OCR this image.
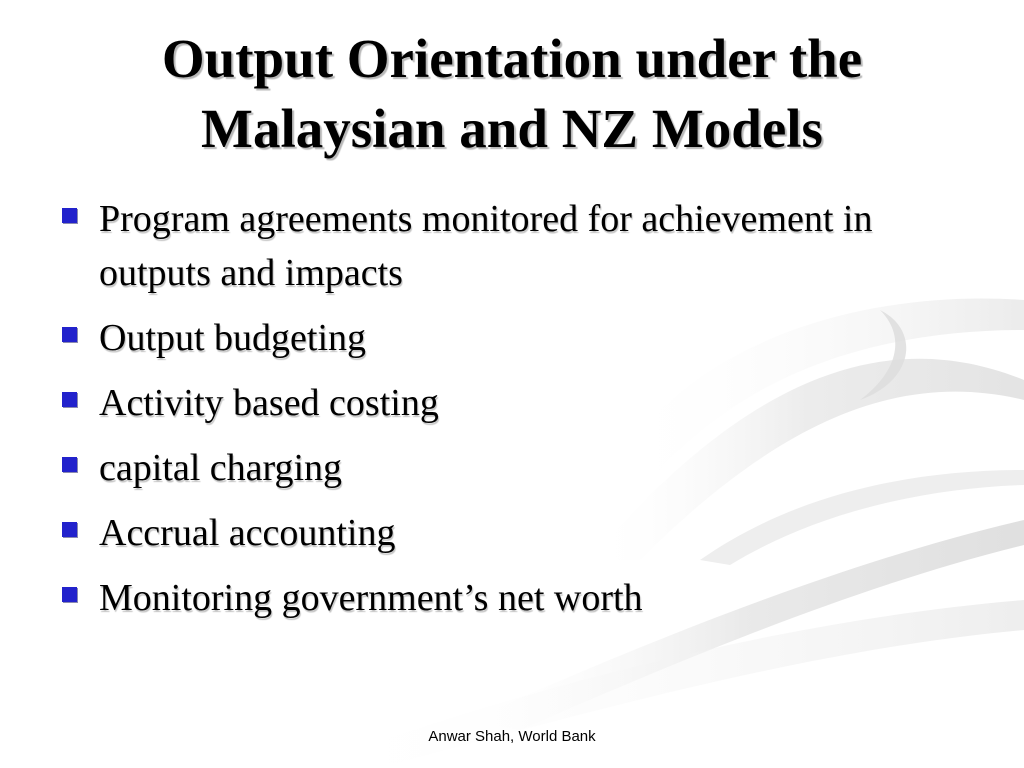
Output Orientation under the
Malaysian and NZ Models
Program agreements monitored for achievement in outputs and impacts
Output budgeting
Activity based costing
capital charging
Accrual accounting
Monitoring government’s net worth
Anwar Shah, World Bank
